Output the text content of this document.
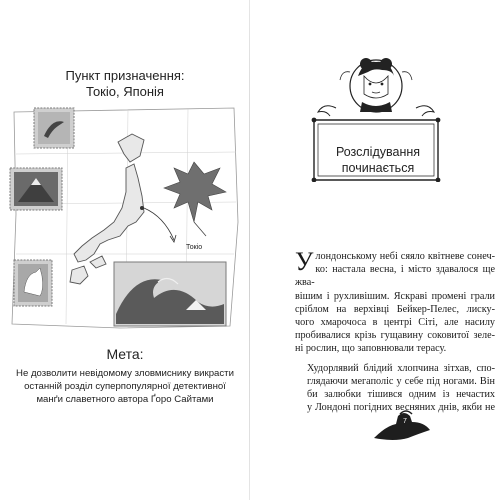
Пункт призначення:
Токіо, Японія
Токіо
Мета:
Не дозволити невідомому зловмиснику викрасти
останній розділ суперпопулярної детективної
манґи славетного автора Ґоро Сайтами
Розслідування
починається

У лондонському небі сяяло квітневе сонеч-
ко: настала весна, і місто здавалося ще жва-
вішим і рухливішим. Яскраві промені грали
сріблом на верхівці Бейкер-Пелес, лиску-
чого хмарочоса в центрі Сіті, але насилу
пробивалися крізь гущавину соковитої зеле-
ні рослин, що заповнювали терасу.

Худорлявий блідий хлопчина зітхав, спо-
глядаючи мегаполіс у себе під ногами. Він
би залюбки тішився одним із нечастих
у Лондоні погідних весняних днів, якби не

7
